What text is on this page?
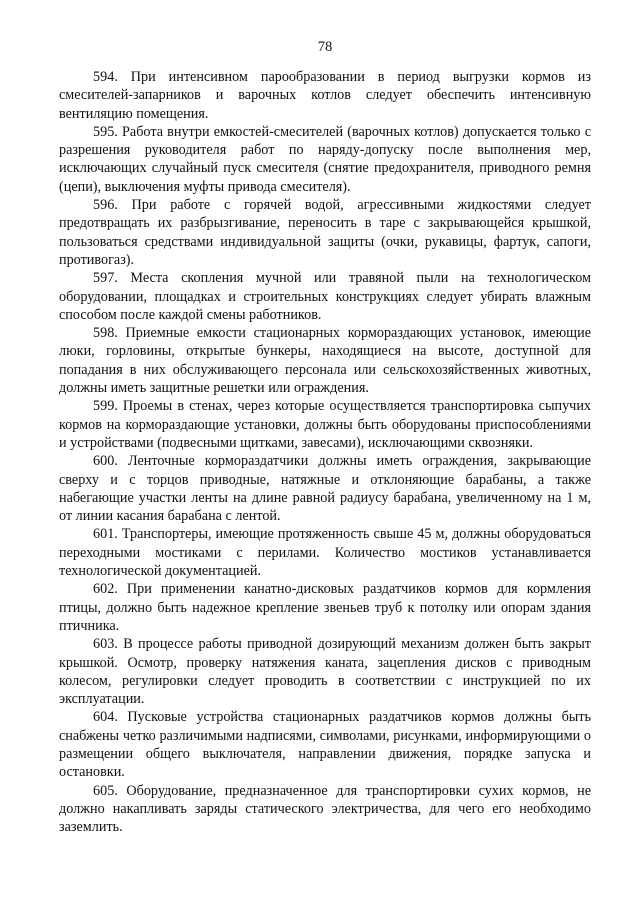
78

594. При интенсивном парообразовании в период выгрузки кормов из смесителей-запарников и варочных котлов следует обеспечить интенсивную вентиляцию помещения.

595. Работа внутри емкостей-смесителей (варочных котлов) допускается только с разрешения руководителя работ по наряду-допуску после выполнения мер, исключающих случайный пуск смесителя (снятие предохранителя, приводного ремня (цепи), выключения муфты привода смесителя).

596. При работе с горячей водой, агрессивными жидкостями следует предотвращать их разбрызгивание, переносить в таре с закрывающейся крышкой, пользоваться средствами индивидуальной защиты (очки, рукавицы, фартук, сапоги, противогаз).

597. Места скопления мучной или травяной пыли на технологическом оборудовании, площадках и строительных конструкциях следует убирать влажным способом после каждой смены работников.

598. Приемные емкости стационарных кормораздающих установок, имеющие люки, горловины, открытые бункеры, находящиеся на высоте, доступной для попадания в них обслуживающего персонала или сельскохозяйственных животных, должны иметь защитные решетки или ограждения.

599. Проемы в стенах, через которые осуществляется транспортировка сыпучих кормов на кормораздающие установки, должны быть оборудованы приспособлениями и устройствами (подвесными щитками, завесами), исключающими сквозняки.

600. Ленточные кормораздатчики должны иметь ограждения, закрывающие сверху и с торцов приводные, натяжные и отклоняющие барабаны, а также набегающие участки ленты на длине равной радиусу барабана, увеличенному на 1 м, от линии касания барабана с лентой.

601. Транспортеры, имеющие протяженность свыше 45 м, должны оборудоваться переходными мостиками с перилами. Количество мостиков устанавливается технологической документацией.

602. При применении канатно-дисковых раздатчиков кормов для кормления птицы, должно быть надежное крепление звеньев труб к потолку или опорам здания птичника.

603. В процессе работы приводной дозирующий механизм должен быть закрыт крышкой. Осмотр, проверку натяжения каната, зацепления дисков с приводным колесом, регулировки следует проводить в соответствии с инструкцией по их эксплуатации.

604. Пусковые устройства стационарных раздатчиков кормов должны быть снабжены четко различимыми надписями, символами, рисунками, информирующими о размещении общего выключателя, направлении движения, порядке запуска и остановки.

605. Оборудование, предназначенное для транспортировки сухих кормов, не должно накапливать заряды статического электричества, для чего его необходимо заземлить.
